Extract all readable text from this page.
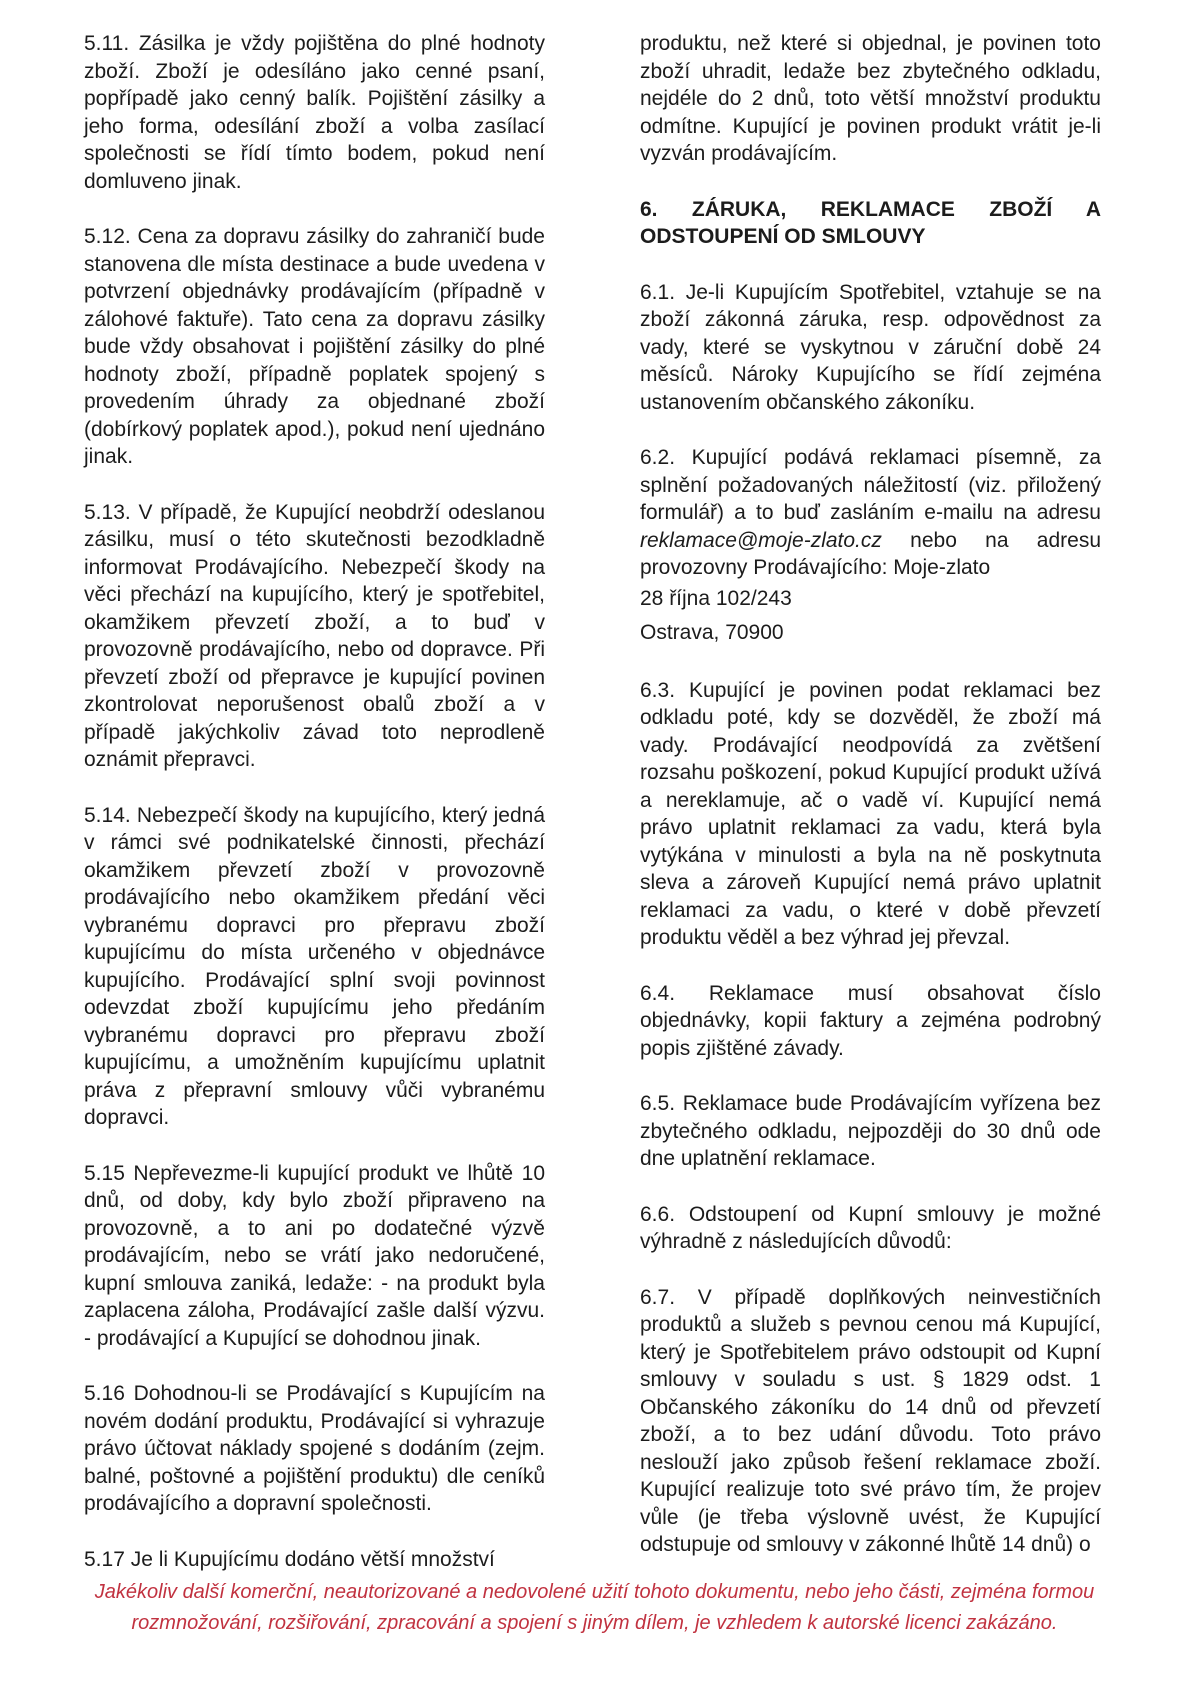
5.11. Zásilka je vždy pojištěna do plné hodnoty zboží. Zboží je odesíláno jako cenné psaní, popřípadě jako cenný balík. Pojištění zásilky a jeho forma, odesílání zboží a volba zasílací společnosti se řídí tímto bodem, pokud není domluveno jinak.

5.12. Cena za dopravu zásilky do zahraničí bude stanovena dle místa destinace a bude uvedena v potvrzení objednávky prodávajícím (případně v zálohové faktuře). Tato cena za dopravu zásilky bude vždy obsahovat i pojištění zásilky do plné hodnoty zboží, případně poplatek spojený s provedením úhrady za objednané zboží (dobírkový poplatek apod.), pokud není ujednáno jinak.

5.13. V případě, že Kupující neobdrží odeslanou zásilku, musí o této skutečnosti bezodkladně informovat Prodávajícího. Nebezpečí škody na věci přechází na kupujícího, který je spotřebitel, okamžikem převzetí zboží, a to buď v provozovně prodávajícího, nebo od dopravce. Při převzetí zboží od přepravce je kupující povinen zkontrolovat neporušenost obalů zboží a v případě jakýchkoliv závad toto neprodleně oznámit přepravci.

5.14. Nebezpečí škody na kupujícího, který jedná v rámci své podnikatelské činnosti, přechází okamžikem převzetí zboží v provozovně prodávajícího nebo okamžikem předání věci vybranému dopravci pro přepravu zboží kupujícímu do místa určeného v objednávce kupujícího. Prodávající splní svoji povinnost odevzdat zboží kupujícímu jeho předáním vybranému dopravci pro přepravu zboží kupujícímu, a umožněním kupujícímu uplatnit práva z přepravní smlouvy vůči vybranému dopravci.

5.15 Nepřevezme-li kupující produkt ve lhůtě 10 dnů, od doby, kdy bylo zboží připraveno na provozovně, a to ani po dodatečné výzvě prodávajícím, nebo se vrátí jako nedoručené, kupní smlouva zaniká, ledaže: - na produkt byla zaplacena záloha, Prodávající zašle další výzvu. - prodávající a Kupující se dohodnou jinak.

5.16 Dohodnou-li se Prodávající s Kupujícím na novém dodání produktu, Prodávající si vyhrazuje právo účtovat náklady spojené s dodáním (zejm. balné, poštovné a pojištění produktu) dle ceníků prodávajícího a dopravní společnosti.

5.17 Je li Kupujícímu dodáno větší množství

produktu, než které si objednal, je povinen toto zboží uhradit, ledaže bez zbytečného odkladu, nejdéle do 2 dnů, toto větší množství produktu odmítne. Kupující je povinen produkt vrátit je-li vyzván prodávajícím.

6. ZÁRUKA, REKLAMACE ZBOŽÍ A ODSTOUPENÍ OD SMLOUVY

6.1. Je-li Kupujícím Spotřebitel, vztahuje se na zboží zákonná záruka, resp. odpovědnost za vady, které se vyskytnou v záruční době 24 měsíců. Nároky Kupujícího se řídí zejména ustanovením občanského zákoníku.

6.2. Kupující podává reklamaci písemně, za splnění požadovaných náležitostí (viz. přiložený formulář) a to buď zasláním e-mailu na adresu reklamace@moje-zlato.cz nebo na adresu provozovny Prodávajícího: Moje-zlato

28 října 102/243

Ostrava, 70900

6.3. Kupující je povinen podat reklamaci bez odkladu poté, kdy se dozvěděl, že zboží má vady. Prodávající neodpovídá za zvětšení rozsahu poškození, pokud Kupující produkt užívá a nereklamuje, ač o vadě ví. Kupující nemá právo uplatnit reklamaci za vadu, která byla vytýkána v minulosti a byla na ně poskytnuta sleva a zároveň Kupující nemá právo uplatnit reklamaci za vadu, o které v době převzetí produktu věděl a bez výhrad jej převzal.

6.4. Reklamace musí obsahovat číslo objednávky, kopii faktury a zejména podrobný popis zjištěné závady.

6.5. Reklamace bude Prodávajícím vyřízena bez zbytečného odkladu, nejpozději do 30 dnů ode dne uplatnění reklamace.

6.6. Odstoupení od Kupní smlouvy je možné výhradně z následujících důvodů:

6.7. V případě doplňkových neinvestičních produktů a služeb s pevnou cenou má Kupující, který je Spotřebitelem právo odstoupit od Kupní smlouvy v souladu s ust. § 1829 odst. 1 Občanského zákoníku do 14 dnů od převzetí zboží, a to bez udání důvodu. Toto právo neslouží jako způsob řešení reklamace zboží. Kupující realizuje toto své právo tím, že projev vůle (je třeba výslovně uvést, že Kupující odstupuje od smlouvy v zákonné lhůtě 14 dnů) o

Jakékoliv další komerční, neautorizované a nedovolené užití tohoto dokumentu, nebo jeho části, zejména formou
rozmnožování, rozšiřování, zpracování a spojení s jiným dílem, je vzhledem k autorské licenci zakázáno.
